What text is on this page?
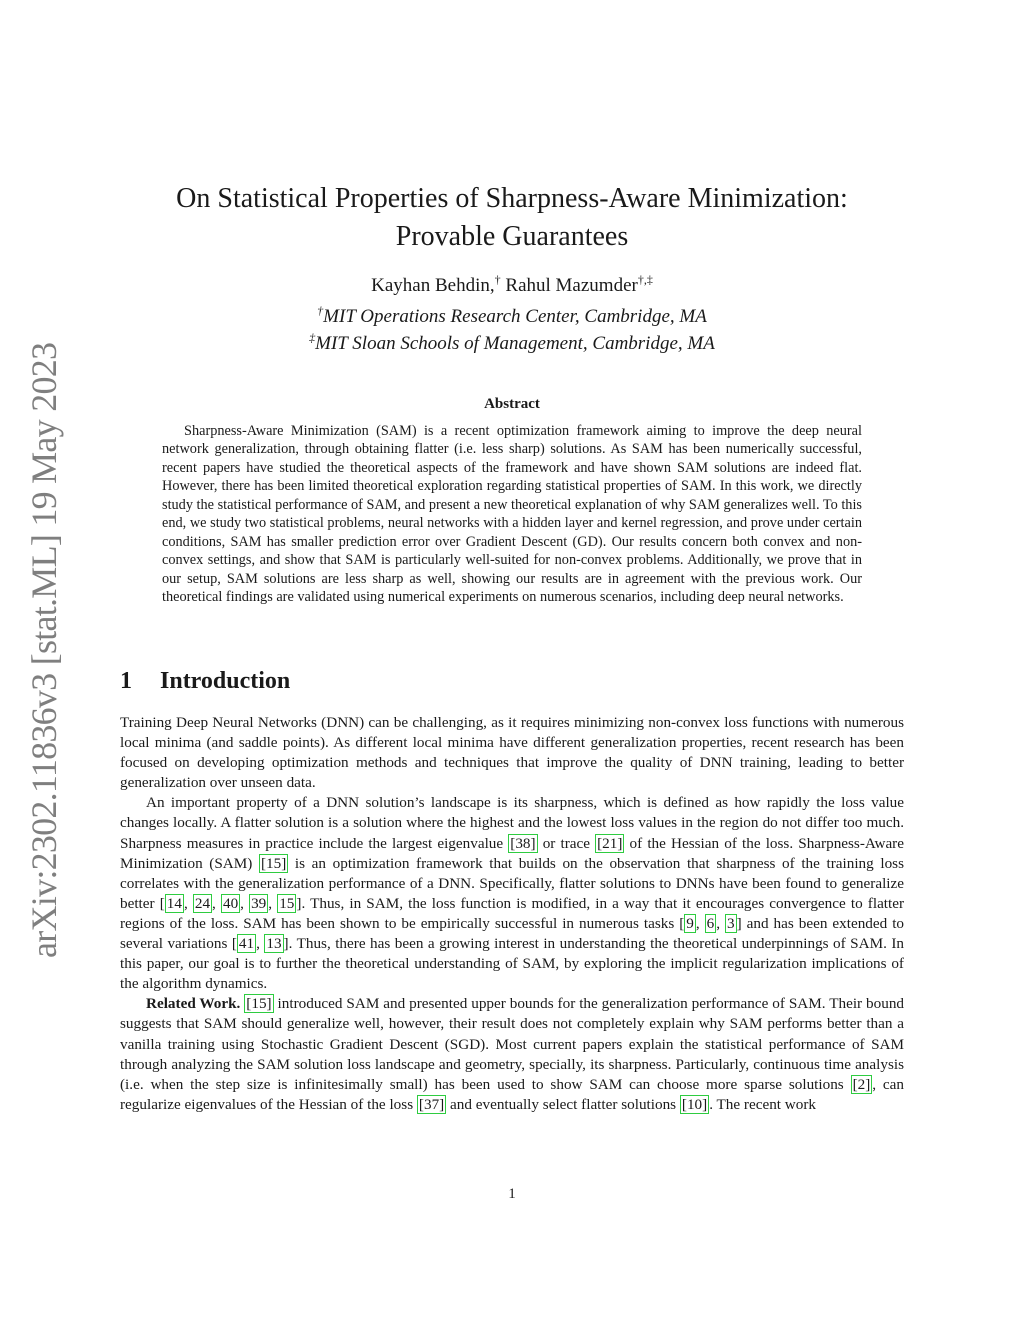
arXiv:2302.11836v3 [stat.ML] 19 May 2023
On Statistical Properties of Sharpness-Aware Minimization:
Provable Guarantees
Kayhan Behdin,† Rahul Mazumder†,‡
†MIT Operations Research Center, Cambridge, MA
‡MIT Sloan Schools of Management, Cambridge, MA
Abstract

Sharpness-Aware Minimization (SAM) is a recent optimization framework aiming to improve the deep neural network generalization, through obtaining flatter (i.e. less sharp) solutions. As SAM has been numerically successful, recent papers have studied the theoretical aspects of the framework and have shown SAM solutions are indeed flat. However, there has been limited theoretical exploration regarding statistical properties of SAM. In this work, we directly study the statistical performance of SAM, and present a new theoretical explanation of why SAM generalizes well. To this end, we study two statistical problems, neural networks with a hidden layer and kernel regression, and prove under certain conditions, SAM has smaller prediction error over Gradient Descent (GD). Our results concern both convex and non-convex settings, and show that SAM is particularly well-suited for non-convex problems. Additionally, we prove that in our setup, SAM solutions are less sharp as well, showing our results are in agreement with the previous work. Our theoretical findings are validated using numerical experiments on numerous scenarios, including deep neural networks.

1 Introduction

Training Deep Neural Networks (DNN) can be challenging, as it requires minimizing non-convex loss functions with numerous local minima (and saddle points). As different local minima have different generalization properties, recent research has been focused on developing optimization methods and techniques that improve the quality of DNN training, leading to better generalization over unseen data.

An important property of a DNN solution’s landscape is its sharpness, which is defined as how rapidly the loss value changes locally. A flatter solution is a solution where the highest and the lowest loss values in the region do not differ too much. Sharpness measures in practice include the largest eigenvalue [38] or trace [21] of the Hessian of the loss. Sharpness-Aware Minimization (SAM) [15] is an optimization framework that builds on the observation that sharpness of the training loss correlates with the generalization performance of a DNN. Specifically, flatter solutions to DNNs have been found to generalize better [ 14 , 24 , 40 , 39 , 15 ]. Thus, in SAM, the loss function is modified, in a way that it encourages convergence to flatter regions of the loss. SAM has been shown to be empirically successful in numerous tasks [ 9 , 6 , 3 ] and has been extended to several variations [ 41 , 13 ]. Thus, there has been a growing interest in understanding the theoretical underpinnings of SAM. In this paper, our goal is to further the theoretical understanding of SAM, by exploring the implicit regularization implications of the algorithm dynamics.

Related Work. [15] introduced SAM and presented upper bounds for the generalization performance of SAM. Their bound suggests that SAM should generalize well, however, their result does not completely explain why SAM performs better than a vanilla training using Stochastic Gradient Descent (SGD). Most current papers explain the statistical performance of SAM through analyzing the SAM solution loss landscape and geometry, specially, its sharpness. Particularly, continuous time analysis (i.e. when the step size is infinitesimally small) has been used to show SAM can choose more sparse solutions [2] , can regularize eigenvalues of the Hessian of the loss [37] and eventually select flatter solutions [10] . The recent work

1
